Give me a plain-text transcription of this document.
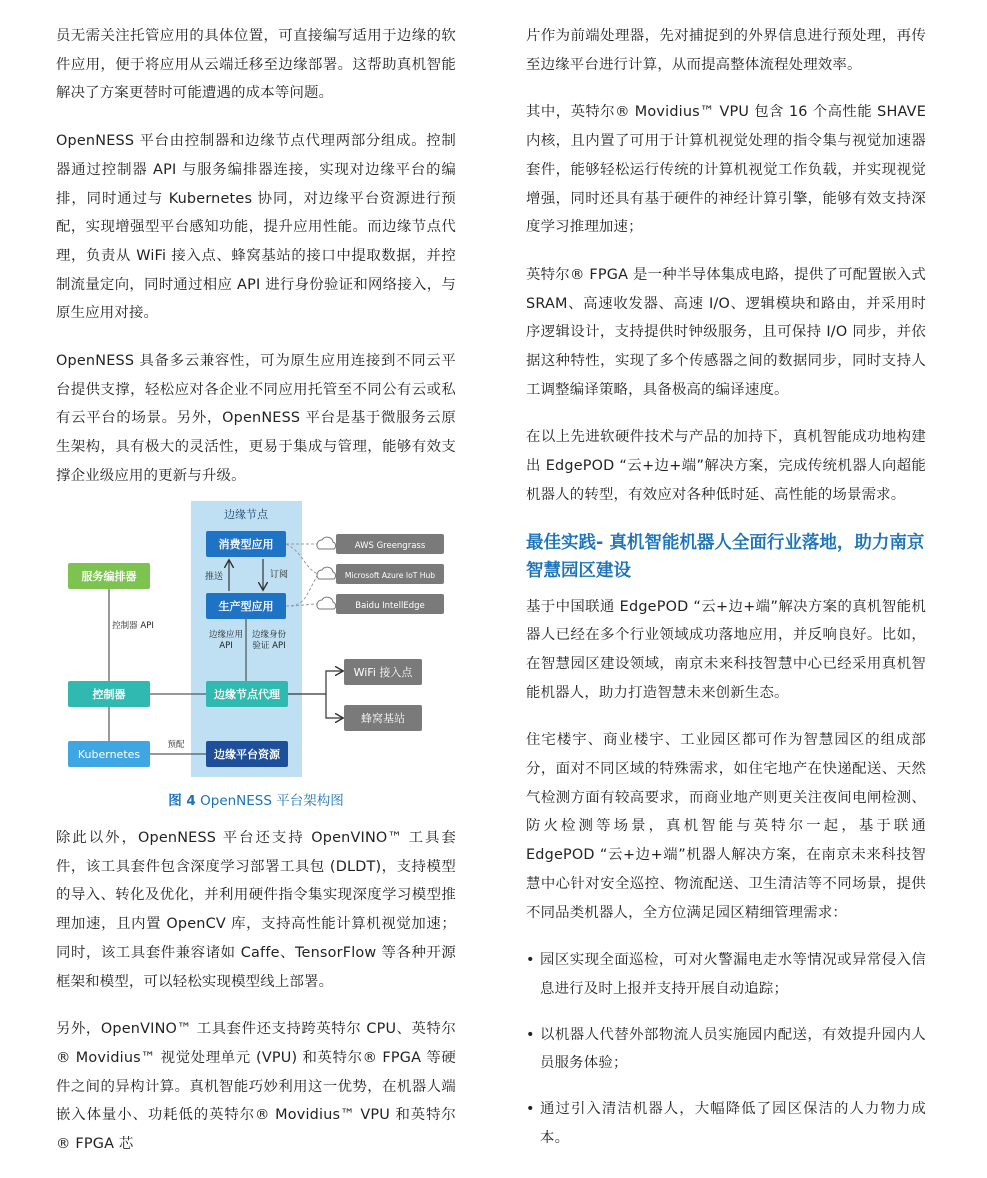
员无需关注托管应用的具体位置，可直接编写适用于边缘的软件应用，便于将应用从云端迁移至边缘部署。这帮助真机智能解决了方案更替时可能遭遇的成本等问题。

OpenNESS 平台由控制器和边缘节点代理两部分组成。控制器通过控制器 API 与服务编排器连接，实现对边缘平台的编排，同时通过与 Kubernetes 协同，对边缘平台资源进行预配，实现增强型平台感知功能，提升应用性能。而边缘节点代理，负责从 WiFi 接入点、蜂窝基站的接口中提取数据，并控制流量定向，同时通过相应 API 进行身份验证和网络接入，与原生应用对接。

OpenNESS 具备多云兼容性，可为原生应用连接到不同云平台提供支撑，轻松应对各企业不同应用托管至不同公有云或私有云平台的场景。另外，OpenNESS 平台是基于微服务云原生架构，具有极大的灵活性，更易于集成与管理，能够有效支撑企业级应用的更新与升级。

边缘节点
消费型应用
生产型应用
推送	订阅
边缘应用
API
边缘身份
验证 API
边缘节点代理
边缘平台资源
服务编排器
控制器 API
控制器
Kubernetes
预配
AWS Greengrass
Microsoft Azure IoT Hub
Baidu IntellEdge
WiFi 接入点
蜂窝基站
图 4 OpenNESS 平台架构图

除此以外，OpenNESS 平台还支持 OpenVINO™ 工具套件，该工具套件包含深度学习部署工具包 (DLDT)，支持模型的导入、转化及优化，并利用硬件指令集实现深度学习模型推理加速，且内置 OpenCV 库，支持高性能计算机视觉加速；同时，该工具套件兼容诸如 Caffe、TensorFlow 等各种开源框架和模型，可以轻松实现模型线上部署。

另外，OpenVINO™ 工具套件还支持跨英特尔 CPU、英特尔® Movidius™ 视觉处理单元 (VPU) 和英特尔® FPGA 等硬件之间的异构计算。真机智能巧妙利用这一优势，在机器人端嵌入体量小、功耗低的英特尔® Movidius™ VPU 和英特尔® FPGA 芯

片作为前端处理器，先对捕捉到的外界信息进行预处理，再传至边缘平台进行计算，从而提高整体流程处理效率。

其中，英特尔® Movidius™ VPU 包含 16 个高性能 SHAVE 内核，且内置了可用于计算机视觉处理的指令集与视觉加速器套件，能够轻松运行传统的计算机视觉工作负载，并实现视觉增强，同时还具有基于硬件的神经计算引擎，能够有效支持深度学习推理加速；

英特尔® FPGA 是一种半导体集成电路，提供了可配置嵌入式 SRAM、高速收发器、高速 I/O、逻辑模块和路由，并采用时序逻辑设计，支持提供时钟级服务，且可保持 I/O 同步，并依据这种特性，实现了多个传感器之间的数据同步，同时支持人工调整编译策略，具备极高的编译速度。

在以上先进软硬件技术与产品的加持下，真机智能成功地构建出 EdgePOD “云+边+端”解决方案，完成传统机器人向超能机器人的转型，有效应对各种低时延、高性能的场景需求。

最佳实践- 真机智能机器人全面行业落地，助力南京智慧园区建设

基于中国联通 EdgePOD “云+边+端”解决方案的真机智能机器人已经在多个行业领域成功落地应用，并反响良好。比如，在智慧园区建设领域，南京未来科技智慧中心已经采用真机智能机器人，助力打造智慧未来创新生态。

住宅楼宇、商业楼宇、工业园区都可作为智慧园区的组成部分，面对不同区域的特殊需求，如住宅地产在快递配送、天然气检测方面有较高要求，而商业地产则更关注夜间电闸检测、防火检测等场景，真机智能与英特尔一起，基于联通 EdgePOD “云+边+端”机器人解决方案，在南京未来科技智慧中心针对安全巡控、物流配送、卫生清洁等不同场景，提供不同品类机器人，全方位满足园区精细管理需求：

• 园区实现全面巡检，可对火警漏电走水等情况或异常侵入信息进行及时上报并支持开展自动追踪；
• 以机器人代替外部物流人员实施园内配送，有效提升园内人员服务体验；
• 通过引入清洁机器人，大幅降低了园区保洁的人力物力成本。
